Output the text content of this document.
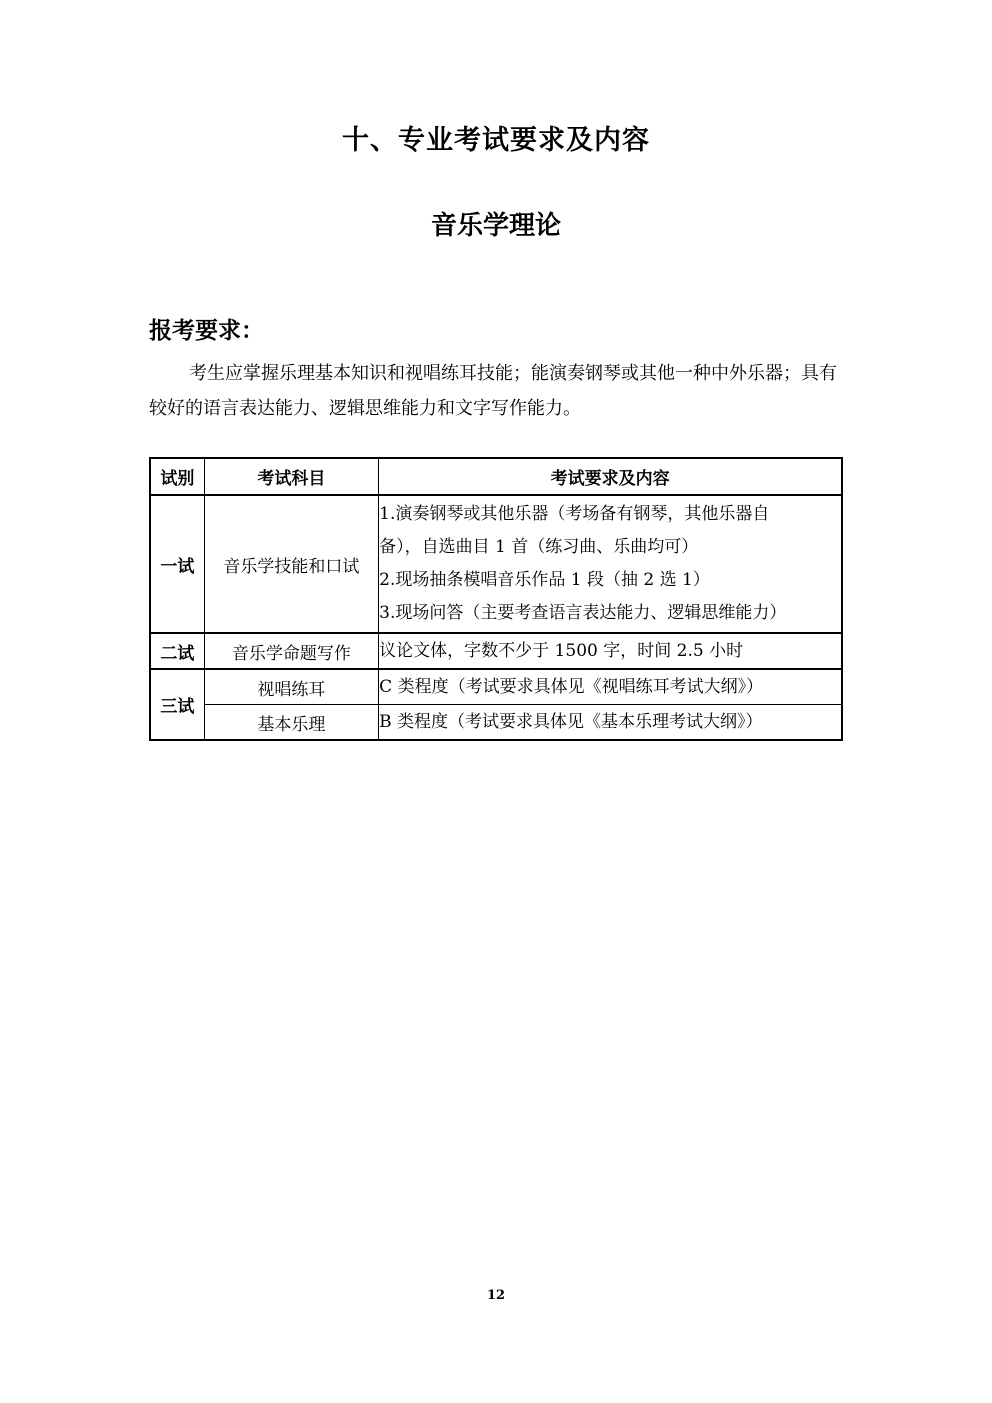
十、专业考试要求及内容
音乐学理论
报考要求：

考生应掌握乐理基本知识和视唱练耳技能；能演奏钢琴或其他一种中外乐器；具有较好的语言表达能力、逻辑思维能力和文字写作能力。

试别	考试科目	考试要求及内容
一试	音乐学技能和口试	1.演奏钢琴或其他乐器（考场备有钢琴，其他乐器自
备），自选曲目 1 首（练习曲、乐曲均可）
2.现场抽条模唱音乐作品 1 段（抽 2 选 1）
3.现场问答（主要考查语言表达能力、逻辑思维能力）

二试	音乐学命题写作	议论文体，字数不少于 1500 字，时间 2.5 小时

三试	视唱练耳	C 类程度（考试要求具体见《视唱练耳考试大纲》）

	基本乐理	B 类程度（考试要求具体见《基本乐理考试大纲》）
12
